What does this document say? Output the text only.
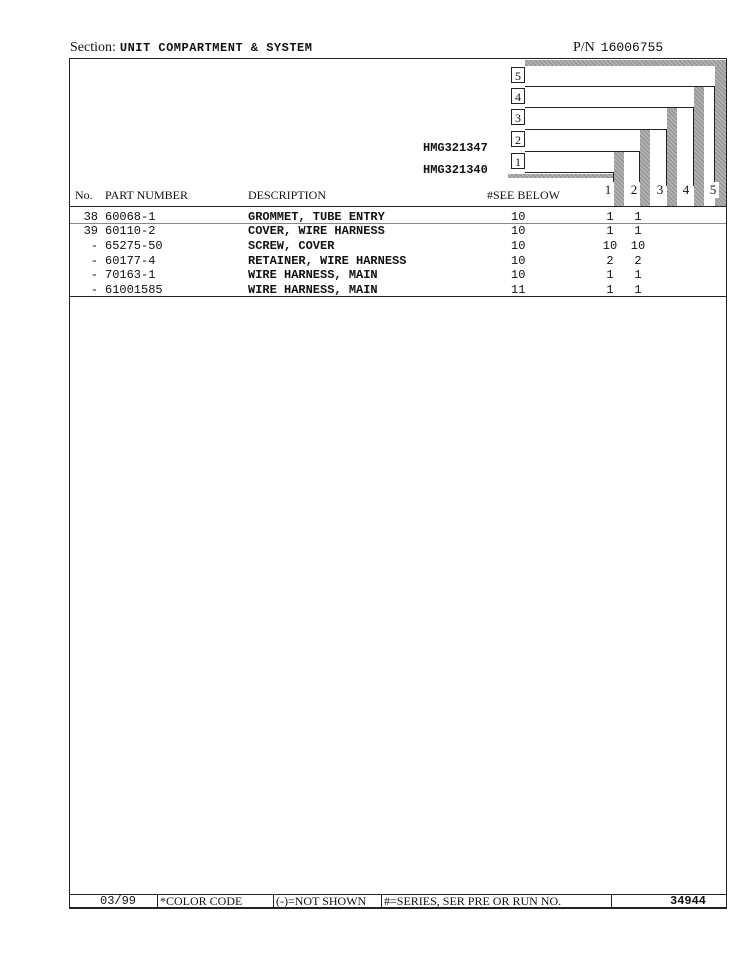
Section: UNIT COMPARTMENT & SYSTEM	P/N 16006755
5
4
3
2
1
HMG321347
HMG321340
No. PART NUMBER	DESCRIPTION	#SEE BELOW	1 2 3 4 5
38 60068-1	GROMMET, TUBE ENTRY	10	1	1
39 60110-2	COVER, WIRE HARNESS	10	1	1
- 65275-50	SCREW, COVER	10	10	10
- 60177-4	RETAINER, WIRE HARNESS	10	2	2
- 70163-1	WIRE HARNESS, MAIN	10	1	1
- 61001585	WIRE HARNESS, MAIN	11	1	1
03/99 *COLOR CODE	(-)=NOT SHOWN #=SERIES, SER PRE OR RUN NO.	34944
